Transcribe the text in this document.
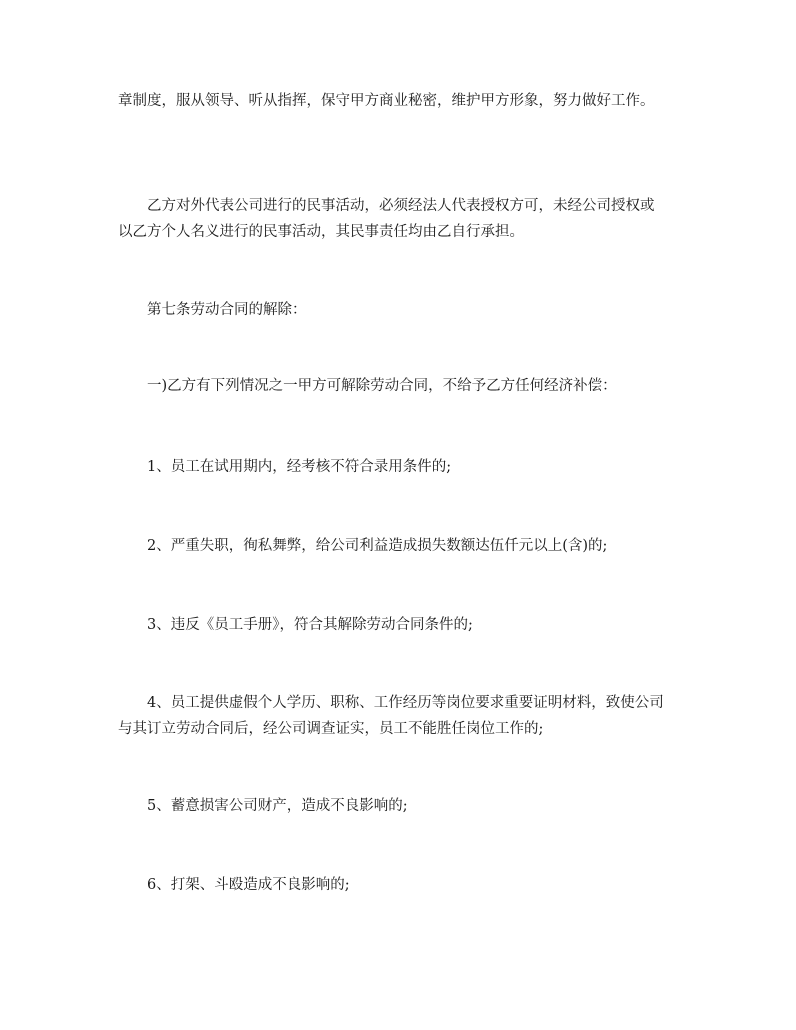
章制度，服从领导、听从指挥，保守甲方商业秘密，维护甲方形象，努力做好工作。

乙方对外代表公司进行的民事活动，必须经法人代表授权方可，未经公司授权或以乙方个人名义进行的民事活动，其民事责任均由乙自行承担。

第七条劳动合同的解除：

一)乙方有下列情况之一甲方可解除劳动合同，不给予乙方任何经济补偿：

1、员工在试用期内，经考核不符合录用条件的;

2、严重失职，徇私舞弊，给公司利益造成损失数额达伍仟元以上(含)的;

3、违反《员工手册》，符合其解除劳动合同条件的;

4、员工提供虚假个人学历、职称、工作经历等岗位要求重要证明材料，致使公司与其订立劳动合同后，经公司调查证实，员工不能胜任岗位工作的;

5、蓄意损害公司财产，造成不良影响的;

6、打架、斗殴造成不良影响的;
